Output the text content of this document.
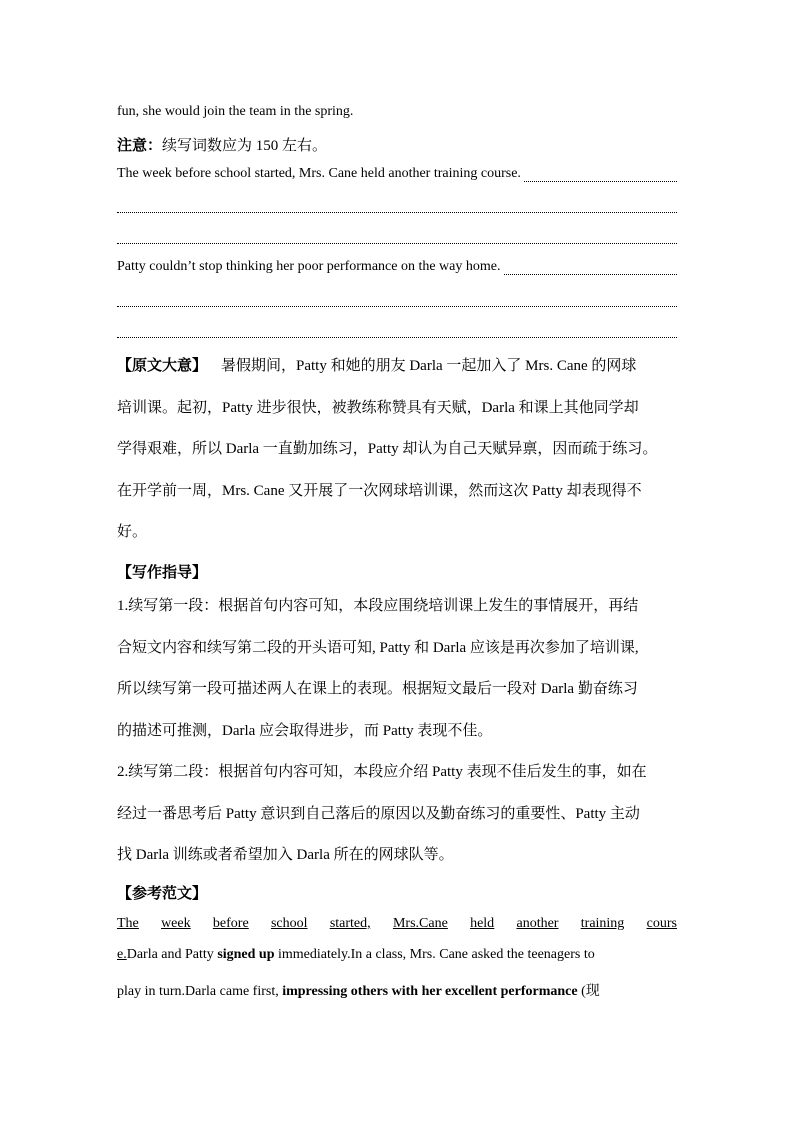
fun, she would join the team in the spring.
注意：续写词数应为 150 左右。
The week before school started, Mrs. Cane held another training course.
Patty couldn’t stop thinking her poor performance on the way home.
【原文大意】 暑假期间，Patty 和她的朋友 Darla 一起加入了 Mrs. Cane 的网球
培训课。起初，Patty 进步很快，被教练称赞具有天赋，Darla 和课上其他同学却
学得艰难，所以 Darla 一直勤加练习，Patty 却认为自己天赋异禀，因而疏于练习。
在开学前一周，Mrs. Cane 又开展了一次网球培训课，然而这次 Patty 却表现得不
好。
【写作指导】
1.续写第一段：根据首句内容可知，本段应围绕培训课上发生的事情展开，再结
合短文内容和续写第二段的开头语可知, Patty 和 Darla 应该是再次参加了培训课,
所以续写第一段可描述两人在课上的表现。根据短文最后一段对 Darla 勤奋练习
的描述可推测，Darla 应会取得进步，而 Patty 表现不佳。
2.续写第二段：根据首句内容可知，本段应介绍 Patty 表现不佳后发生的事，如在
经过一番思考后 Patty 意识到自己落后的原因以及勤奋练习的重要性、Patty 主动
找 Darla 训练或者希望加入 Darla 所在的网球队等。
【参考范文】
The week before school started, Mrs.Cane held another training cours
e.Darla and Patty signed up immediately.In a class, Mrs. Cane asked the teenagers to
play in turn.Darla came first, impressing others with her excellent performance (现
